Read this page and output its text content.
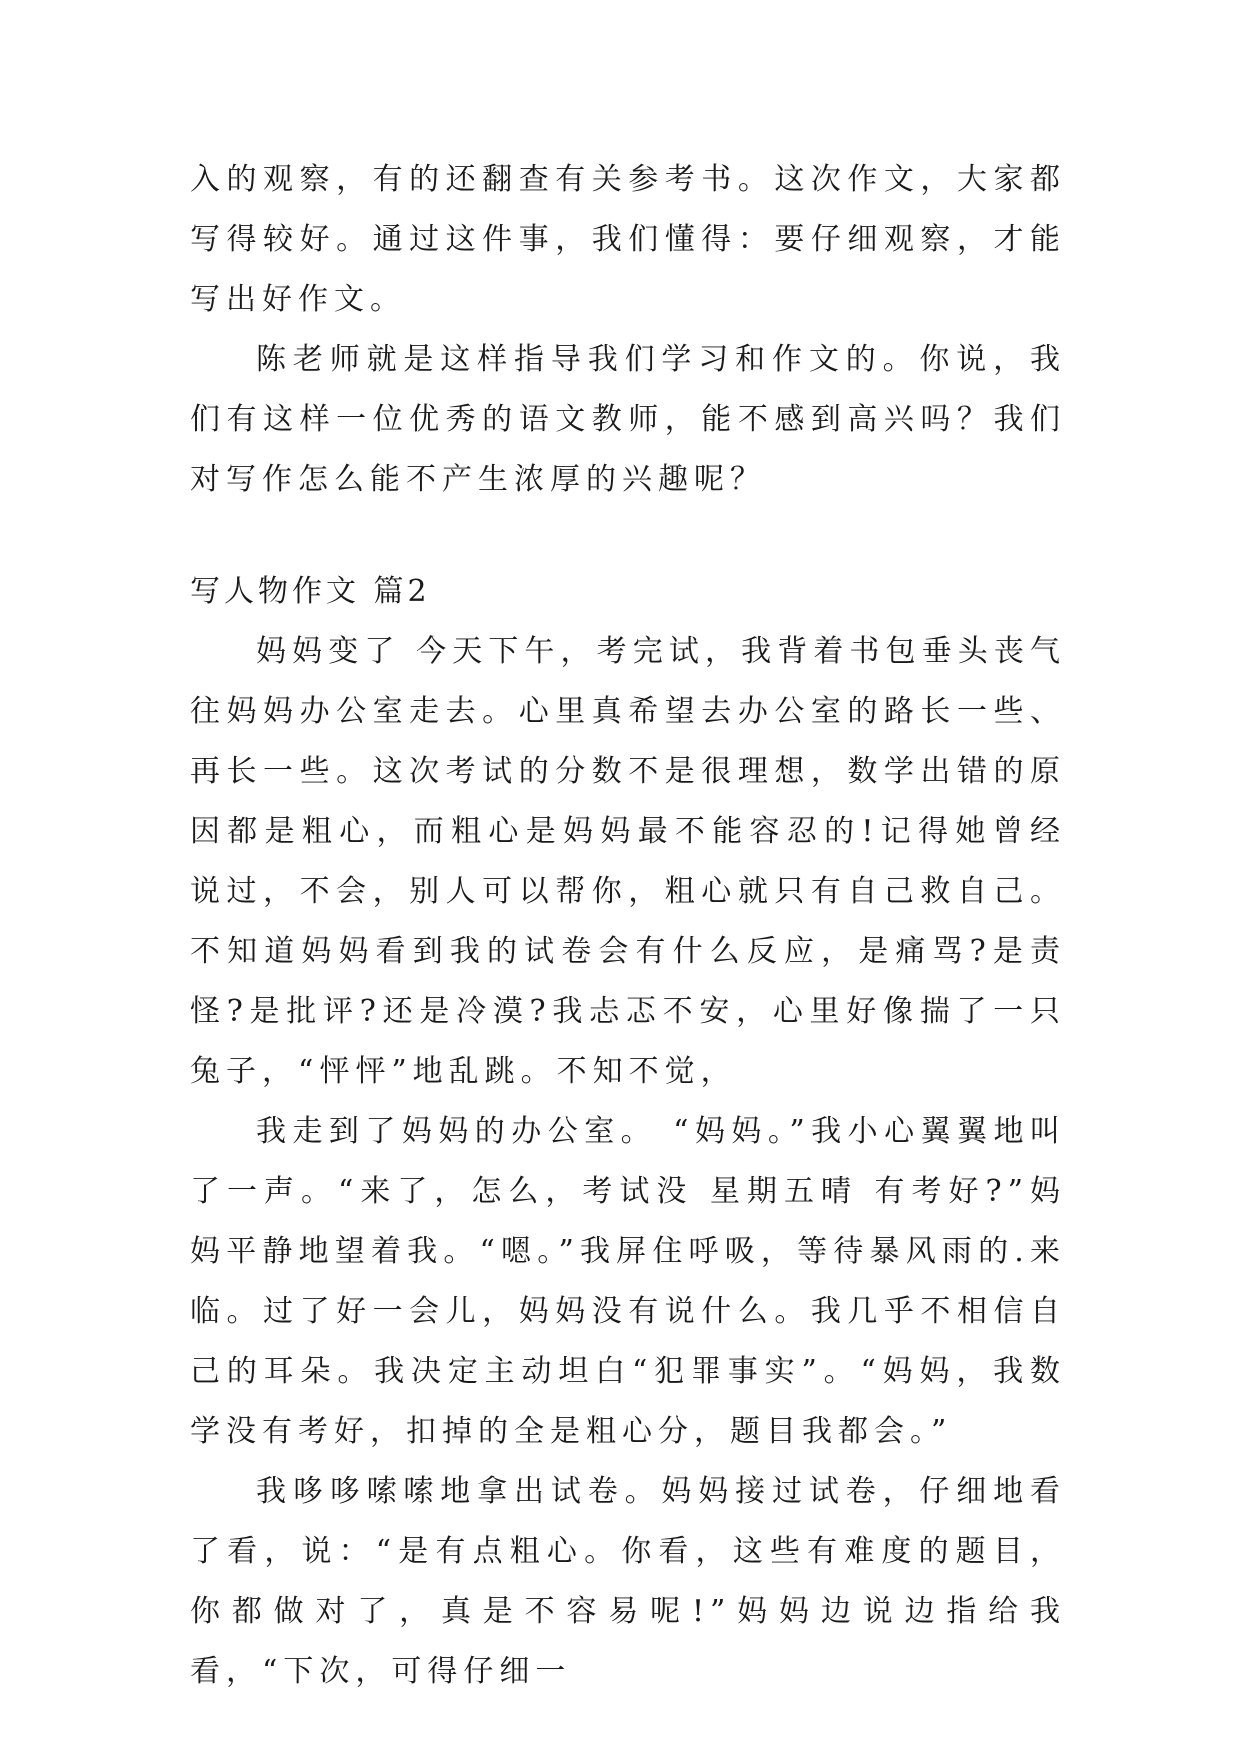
入的观察，有的还翻查有关参考书。这次作文，大家都写得较好。通过这件事，我们懂得：要仔细观察，才能写出好作文。

陈老师就是这样指导我们学习和作文的。你说，我们有这样一位优秀的语文教师，能不感到高兴吗？我们对写作怎么能不产生浓厚的兴趣呢？

写人物作文 篇2

妈妈变了 今天下午，考完试，我背着书包垂头丧气往妈妈办公室走去。心里真希望去办公室的路长一些、再长一些。这次考试的分数不是很理想，数学出错的原因都是粗心，而粗心是妈妈最不能容忍的!记得她曾经说过，不会，别人可以帮你，粗心就只有自己救自己。不知道妈妈看到我的试卷会有什么反应，是痛骂?是责怪?是批评?还是冷漠?我忐忑不安，心里好像揣了一只兔子，“怦怦”地乱跳。不知不觉，

我走到了妈妈的办公室。 “妈妈。”我小心翼翼地叫了一声。“来了，怎么，考试没 星期五晴 有考好?”妈妈平静地望着我。“嗯。”我屏住呼吸，等待暴风雨的.来临。过了好一会儿，妈妈没有说什么。我几乎不相信自己的耳朵。我决定主动坦白“犯罪事实”。“妈妈，我数学没有考好，扣掉的全是粗心分，题目我都会。”

我哆哆嗦嗦地拿出试卷。妈妈接过试卷，仔细地看了看，说：“是有点粗心。你看，这些有难度的题目，你都做对了，真是不容易呢!”妈妈边说边指给我看，“下次，可得仔细一
